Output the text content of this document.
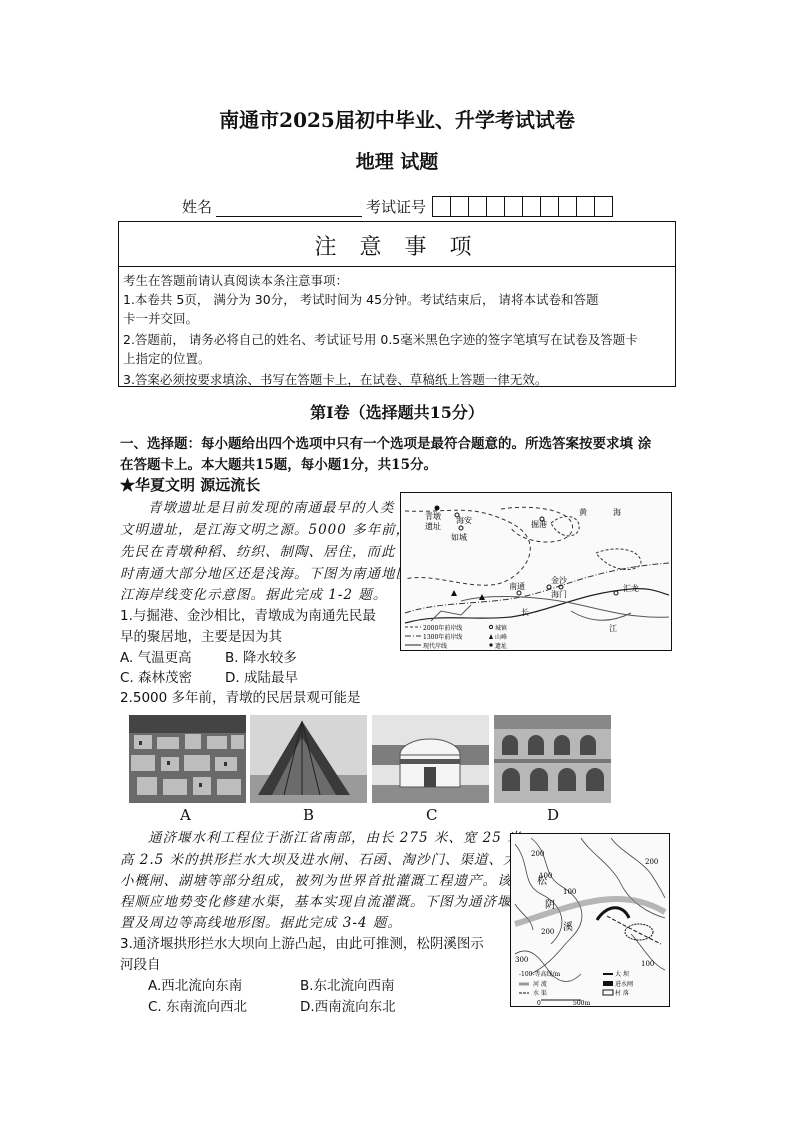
南通市2025届初中毕业、升学考试试卷
地理 试题
姓名	考试证号
注 意 事 项
考生在答题前请认真阅读本条注意事项：
1.本卷共 5页， 满分为 30分， 考试时间为 45分钟。考试结束后， 请将本试卷和答题
卡一并交回。
2.答题前， 请务必将自己的姓名、考试证号用 0.5毫米黑色字迹的签字笔填写在试卷及答题卡
上指定的位置。
3.答案必须按要求填涂、书写在答题卡上，在试卷、草稿纸上答题一律无效。
第Ⅰ卷（选择题共15分）
一、选择题：每小题给出四个选项中只有一个选项是最符合题意的。所选答案按要求填 涂
在答题卡上。本大题共15题，每小题1分，共15分。
★华夏文明 源远流长
青墩遗址是目前发现的南通最早的人类
文明遗址，是江海文明之源。5000 多年前，
先民在青墩种稻、纺织、制陶、居住，而此
时南通大部分地区还是浅海。下图为南通地区
江海岸线变化示意图。据此完成 1-2 题。
1.与掘港、金沙相比，青墩成为南通先民最
早的聚居地，主要是因为其
A. 气温更高 B. 降水较多
C. 森林茂密 D. 成陆最早
2.5000 多年前，青墩的民居景观可能是
青墩
遗址
海安
如城
掘港
黄	海
南通
金沙
海门
汇龙
长
江
2000年前岸线	城镇
1300年前岸线	山峰
现代岸线	遗址
A	B	C	D
通济堰水利工程位于浙江省南部，由长 275 米、宽 25 米、
高 2.5 米的拱形拦水大坝及进水闸、石函、淘沙门、渠道、大
小概闸、湖塘等部分组成，被列为世界首批灌溉工程遗产。该工
程顺应地势变化修建水渠，基本实现自流灌溉。下图为通济堰位
置及周边等高线地形图。据此完成 3-4 题。
3.通济堰拱形拦水大坝向上游凸起，由此可推测，松阴溪图示
河段自
A.西北流向东南	B.东北流向西南
C. 东南流向西北	D.西南流向东北
200
100
200
100
200
300	100
松
阴
溪
-100-等高线/m	大 坝
河 流	进水闸
水 渠	村 落
0	500m
